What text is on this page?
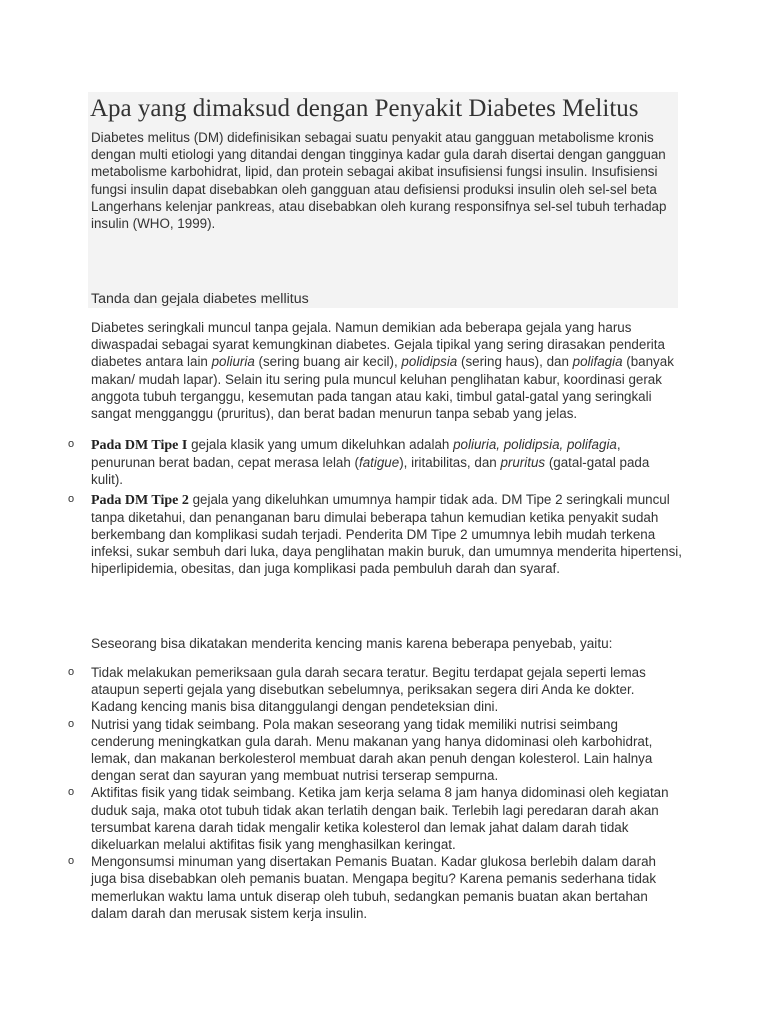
Apa yang dimaksud dengan Penyakit Diabetes Melitus

Diabetes melitus (DM) didefinisikan sebagai suatu penyakit atau gangguan metabolisme kronis dengan multi etiologi yang ditandai dengan tingginya kadar gula darah disertai dengan gangguan metabolisme karbohidrat, lipid, dan protein sebagai akibat insufisiensi fungsi insulin. Insufisiensi fungsi insulin dapat disebabkan oleh gangguan atau defisiensi produksi insulin oleh sel-sel beta Langerhans kelenjar pankreas, atau disebabkan oleh kurang responsifnya sel-sel tubuh terhadap insulin (WHO, 1999).

Tanda dan gejala diabetes mellitus

Diabetes seringkali muncul tanpa gejala. Namun demikian ada beberapa gejala yang harus diwaspadai sebagai syarat kemungkinan diabetes. Gejala tipikal yang sering dirasakan penderita diabetes antara lain poliuria (sering buang air kecil), polidipsia (sering haus), dan polifagia (banyak makan/ mudah lapar). Selain itu sering pula muncul keluhan penglihatan kabur, koordinasi gerak anggota tubuh terganggu, kesemutan pada tangan atau kaki, timbul gatal-gatal yang seringkali sangat mengganggu (pruritus), dan berat badan menurun tanpa sebab yang jelas.

o Pada DM Tipe I gejala klasik yang umum dikeluhkan adalah poliuria, polidipsia, polifagia, penurunan berat badan, cepat merasa lelah (fatigue), iritabilitas, dan pruritus (gatal-gatal pada kulit).
o Pada DM Tipe 2 gejala yang dikeluhkan umumnya hampir tidak ada. DM Tipe 2 seringkali muncul tanpa diketahui, dan penanganan baru dimulai beberapa tahun kemudian ketika penyakit sudah berkembang dan komplikasi sudah terjadi. Penderita DM Tipe 2 umumnya lebih mudah terkena infeksi, sukar sembuh dari luka, daya penglihatan makin buruk, dan umumnya menderita hipertensi, hiperlipidemia, obesitas, dan juga komplikasi pada pembuluh darah dan syaraf.
Seseorang bisa dikatakan menderita kencing manis karena beberapa penyebab, yaitu:
o Tidak melakukan pemeriksaan gula darah secara teratur. Begitu terdapat gejala seperti lemas ataupun seperti gejala yang disebutkan sebelumnya, periksakan segera diri Anda ke dokter. Kadang kencing manis bisa ditanggulangi dengan pendeteksian dini.
o Nutrisi yang tidak seimbang. Pola makan seseorang yang tidak memiliki nutrisi seimbang cenderung meningkatkan gula darah. Menu makanan yang hanya didominasi oleh karbohidrat, lemak, dan makanan berkolesterol membuat darah akan penuh dengan kolesterol. Lain halnya dengan serat dan sayuran yang membuat nutrisi terserap sempurna.
o Aktifitas fisik yang tidak seimbang. Ketika jam kerja selama 8 jam hanya didominasi oleh kegiatan duduk saja, maka otot tubuh tidak akan terlatih dengan baik. Terlebih lagi peredaran darah akan tersumbat karena darah tidak mengalir ketika kolesterol dan lemak jahat dalam darah tidak dikeluarkan melalui aktifitas fisik yang menghasilkan keringat.
o Mengonsumsi minuman yang disertakan Pemanis Buatan. Kadar glukosa berlebih dalam darah juga bisa disebabkan oleh pemanis buatan. Mengapa begitu? Karena pemanis sederhana tidak memerlukan waktu lama untuk diserap oleh tubuh, sedangkan pemanis buatan akan bertahan dalam darah dan merusak sistem kerja insulin.
